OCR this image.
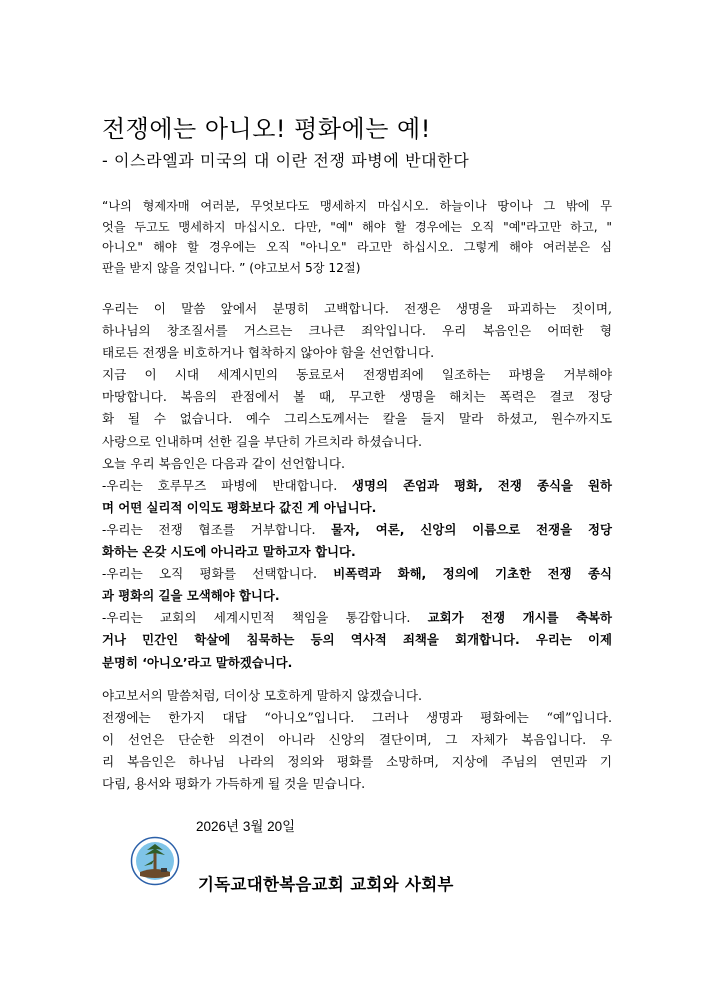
전쟁에는 아니오! 평화에는 예!
- 이스라엘과 미국의 대 이란 전쟁 파병에 반대한다
“나의 형제자매 여러분, 무엇보다도 맹세하지 마십시오. 하늘이나 땅이나 그 밖에 무
엇을 두고도 맹세하지 마십시오. 다만, "예" 해야 할 경우에는 오직 "예"라고만 하고, "
아니오" 해야 할 경우에는 오직 "아니오" 라고만 하십시오. 그렇게 해야 여러분은 심
판을 받지 않을 것입니다. ” (야고보서 5장 12절)
우리는 이 말씀 앞에서 분명히 고백합니다. 전쟁은 생명을 파괴하는 짓이며,
하나님의 창조질서를 거스르는 크나큰 죄악입니다. 우리 복음인은 어떠한 형
태로든 전쟁을 비호하거나 협착하지 않아야 함을 선언합니다.
지금 이 시대 세계시민의 동료로서 전쟁범죄에 일조하는 파병을 거부해야
마땅합니다. 복음의 관점에서 볼 때, 무고한 생명을 해치는 폭력은 결코 정당
화 될 수 없습니다. 예수 그리스도께서는 칼을 들지 말라 하셨고, 원수까지도
사랑으로 인내하며 선한 길을 부단히 가르치라 하셨습니다.
오늘 우리 복음인은 다음과 같이 선언합니다.
-우리는 호루무즈 파병에 반대합니다. 생명의 존엄과 평화, 전쟁 종식을 원하
며 어떤 실리적 이익도 평화보다 값진 게 아닙니다.
-우리는 전쟁 협조를 거부합니다. 물자, 여론, 신앙의 이름으로 전쟁을 정당
화하는 온갖 시도에 아니라고 말하고자 합니다.
-우리는 오직 평화를 선택합니다. 비폭력과 화해, 정의에 기초한 전쟁 종식
과 평화의 길을 모색해야 합니다.
-우리는 교회의 세계시민적 책임을 통감합니다. 교회가 전쟁 개시를 축복하
거나 민간인 학살에 침묵하는 등의 역사적 죄책을 회개합니다. 우리는 이제
분명히 ‘아니오’라고 말하겠습니다.
야고보서의 말씀처럼, 더이상 모호하게 말하지 않겠습니다.
전쟁에는 한가지 대답 “아니오”입니다. 그러나 생명과 평화에는 “예”입니다.
이 선언은 단순한 의견이 아니라 신앙의 결단이며, 그 자체가 복음입니다. 우
리 복음인은 하나님 나라의 정의와 평화를 소망하며, 지상에 주님의 연민과 기
다림, 용서와 평화가 가득하게 될 것을 믿습니다.
2026년 3월 20일
기독교대한복음교회 교회와 사회부
